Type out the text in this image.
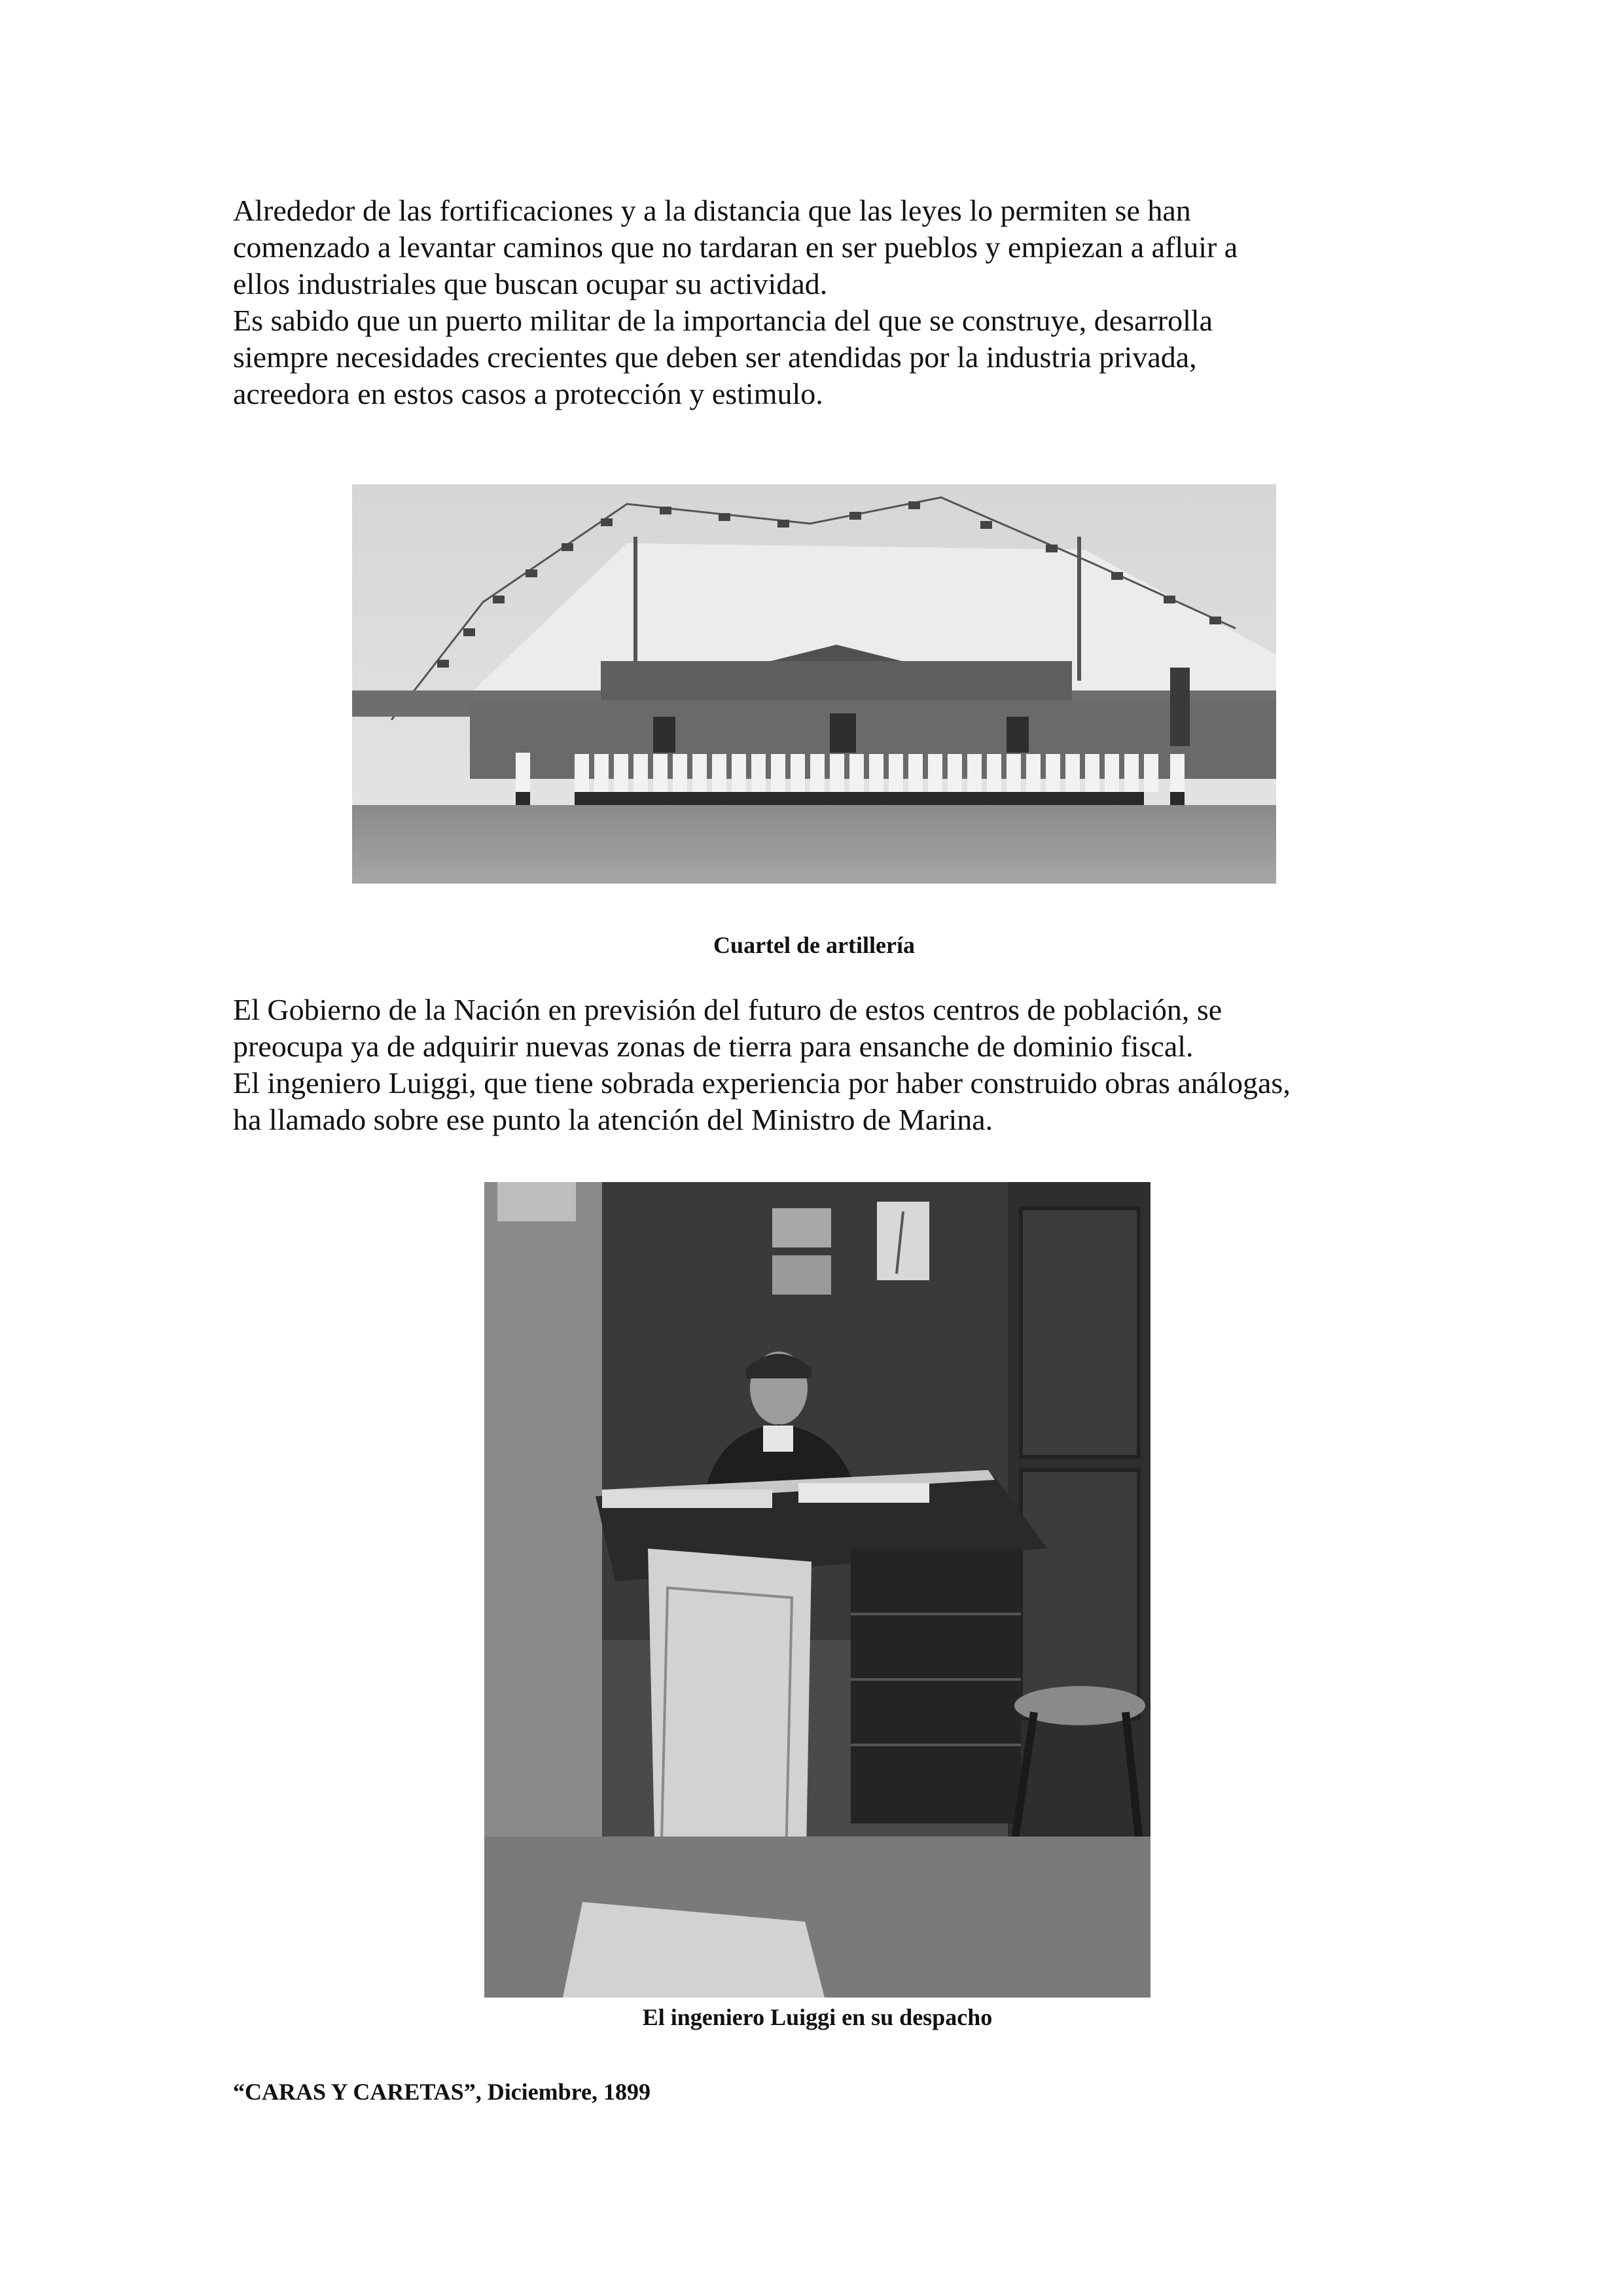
Alrededor de las fortificaciones y a la distancia que las leyes lo permiten se han
comenzado a levantar caminos que no tardaran en ser pueblos y empiezan a afluir a
ellos industriales que buscan ocupar su actividad.
Es sabido que un puerto militar de la importancia del que se construye, desarrolla
siempre necesidades crecientes que deben ser atendidas por la industria privada,
acreedora en estos casos a protección y estimulo.
Cuartel de artillería
El Gobierno de la Nación en previsión del futuro de estos centros de población, se
preocupa ya de adquirir nuevas zonas de tierra para ensanche de dominio fiscal.
El ingeniero Luiggi, que tiene sobrada experiencia por haber construido obras análogas,
ha llamado sobre ese punto la atención del Ministro de Marina.
El ingeniero Luiggi en su despacho
“CARAS Y CARETAS”, Diciembre, 1899
